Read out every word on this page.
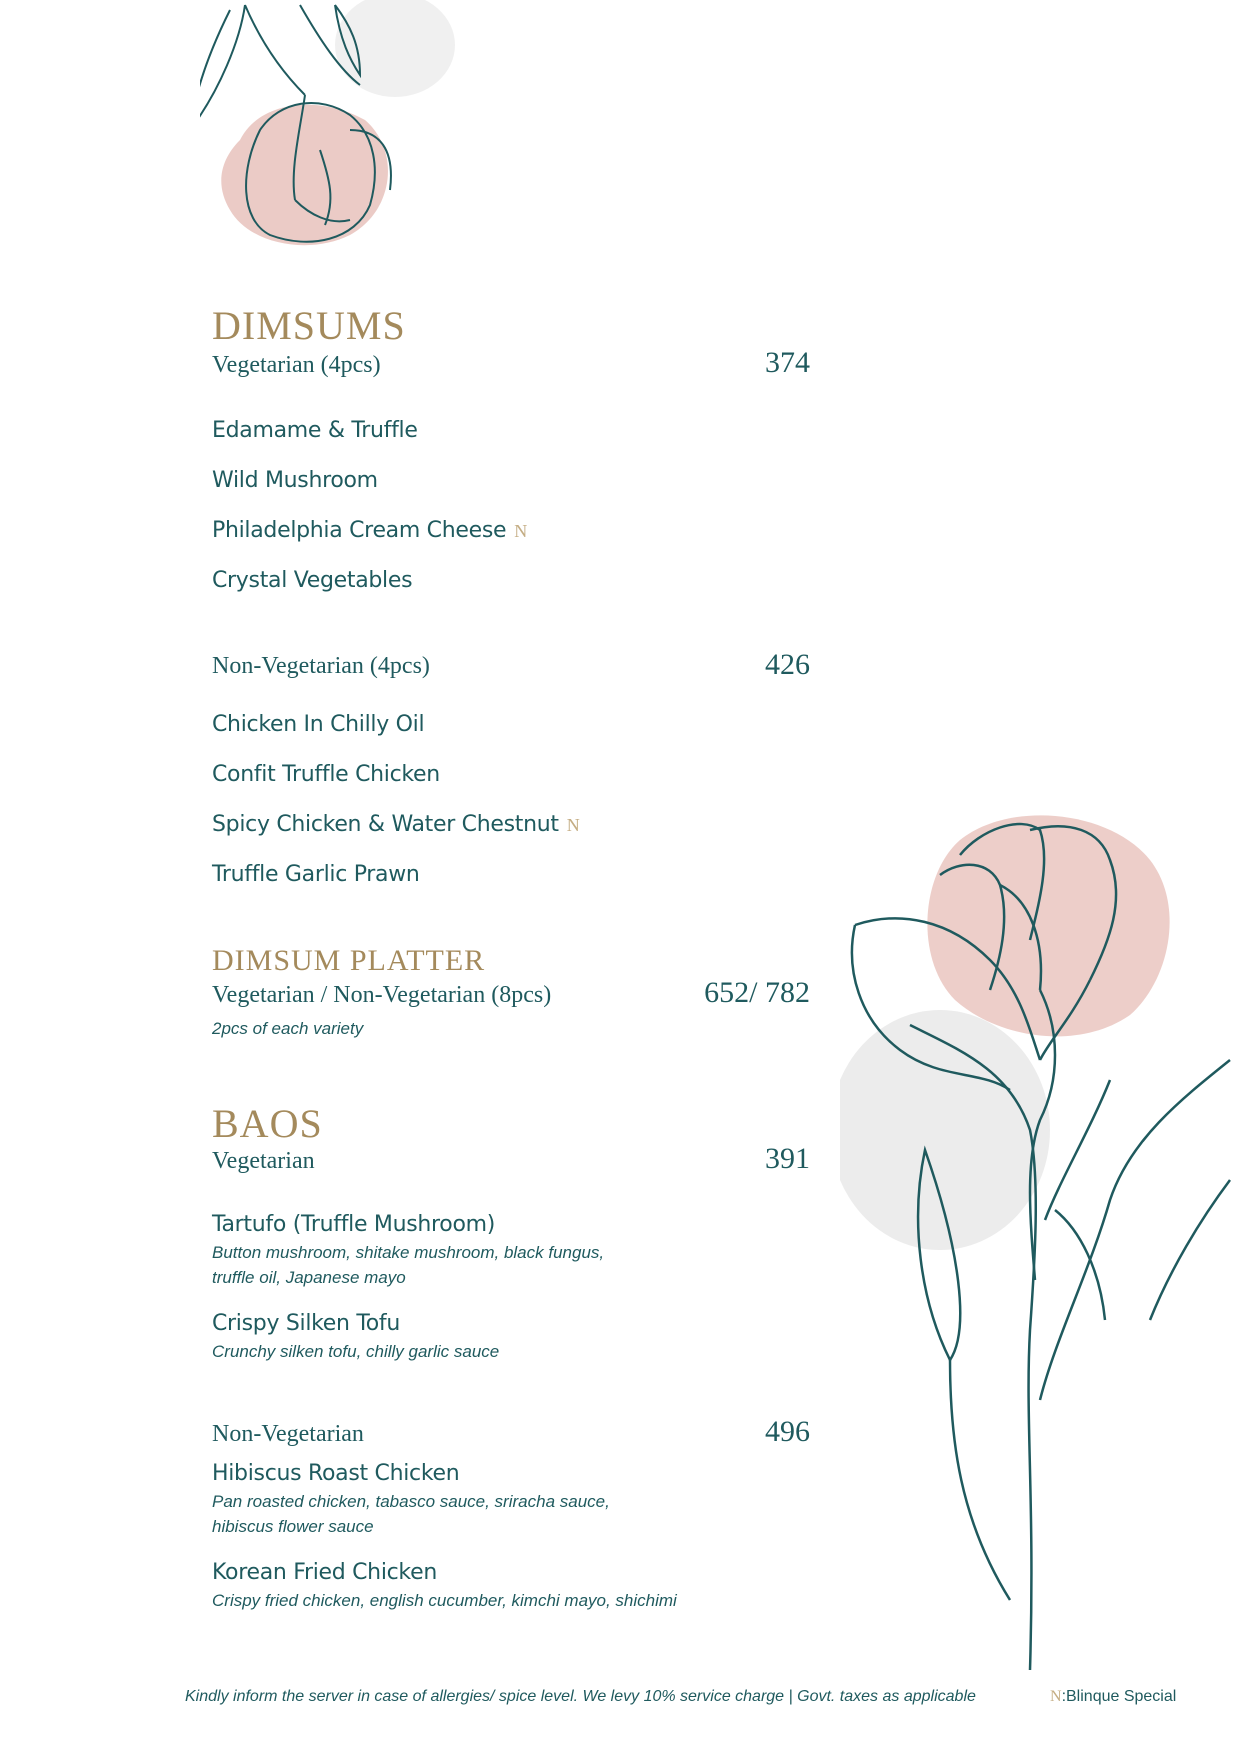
DIMSUMS
Vegetarian (4pcs)	374
Edamame & Truffle
Wild Mushroom
Philadelphia Cream Cheese N
Crystal Vegetables
Non-Vegetarian (4pcs)	426
Chicken In Chilly Oil
Confit Truffle Chicken
Spicy Chicken & Water Chestnut N
Truffle Garlic Prawn
DIMSUM PLATTER
Vegetarian / Non-Vegetarian (8pcs)	652/ 782
2pcs of each variety
BAOS
Vegetarian	391
Tartufo (Truffle Mushroom)
Button mushroom, shitake mushroom, black fungus,
truffle oil, Japanese mayo
Crispy Silken Tofu
Crunchy silken tofu, chilly garlic sauce
Non-Vegetarian	496
Hibiscus Roast Chicken
Pan roasted chicken, tabasco sauce, sriracha sauce,
hibiscus flower sauce
Korean Fried Chicken
Crispy fried chicken, english cucumber, kimchi mayo, shichimi
Kindly inform the server in case of allergies/ spice level. We levy 10% service charge | Govt. taxes as applicable	N:Blinque Special
